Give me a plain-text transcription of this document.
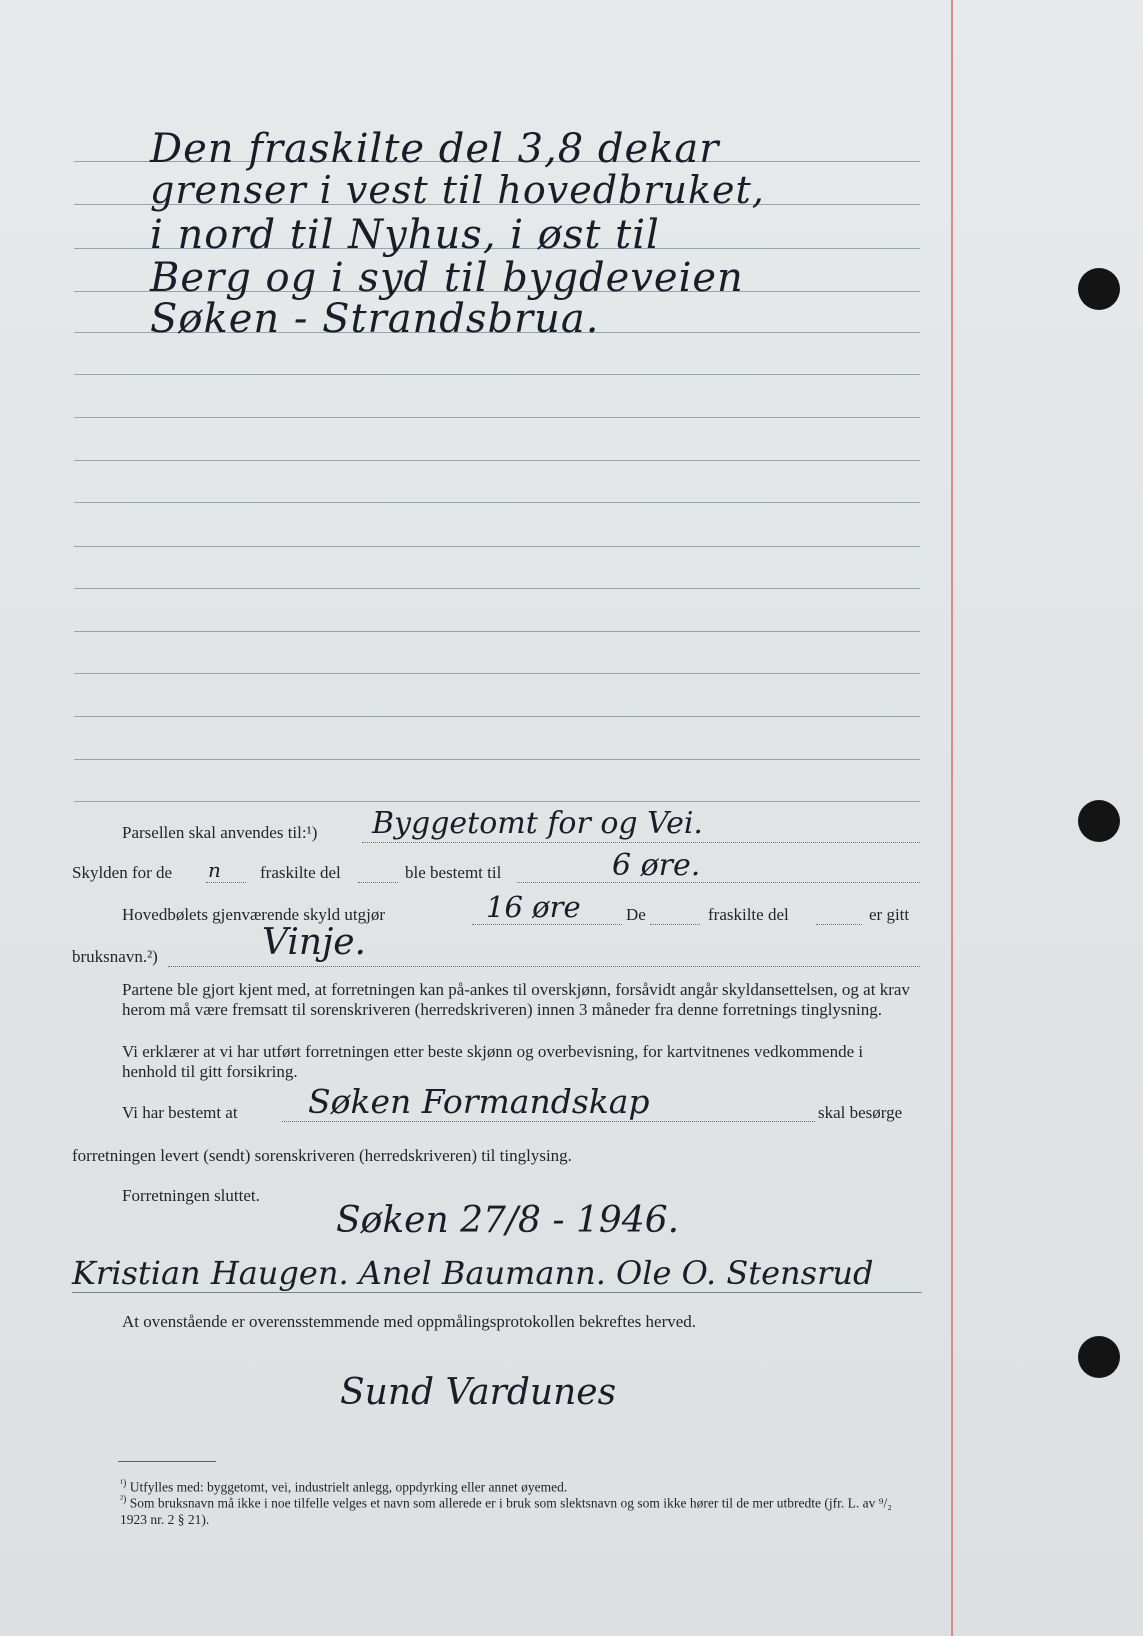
Den fraskilte del 3,8 dekar
grenser i vest til hovedbruket,
i nord til Nyhus, i øst til
Berg og i syd til bygdeveien
Søken - Strandsbrua.
Parsellen skal anvendes til:¹) Byggetomt for og Vei.
Skylden for de n fraskilte del	ble bestemt til	6 øre.
Hovedbølets gjenværende skyld utgjør	16 øre	De	fraskilte del	er gitt
bruksnavn.²)	Vinje.
Partene ble gjort kjent med, at forretningen kan på-ankes til overskjønn, forsåvidt angår skyldansettelsen, og at krav herom må være fremsatt til sorenskriveren (herredskriveren) innen 3 måneder fra denne forretnings tinglysning.
Vi erklærer at vi har utført forretningen etter beste skjønn og overbevisning, for kartvitnenes vedkommende i henhold til gitt forsikring.
Vi har bestemt at Søken Formandskap	skal besørge
forretningen levert (sendt) sorenskriveren (herredskriveren) til tinglysing.
Forretningen sluttet.
Søken 27/8 - 1946.
Kristian Haugen. Anel Baumann. Ole O. Stensrud
At ovenstående er overensstemmende med oppmålingsprotokollen bekreftes herved.
Sund Vardunes
$^{^1)}$ Utfylles med: byggetomt, vei, industrielt anlegg, oppdyrking eller annet øyemed.
$^{^2)}$ Som bruksnavn må ikke i noe tilfelle velges et navn som allerede er i bruk som slektsnavn og som ikke hører til de mer utbredte (jfr. L. av ⁹/₂ 1923 nr. 2 § 21).
